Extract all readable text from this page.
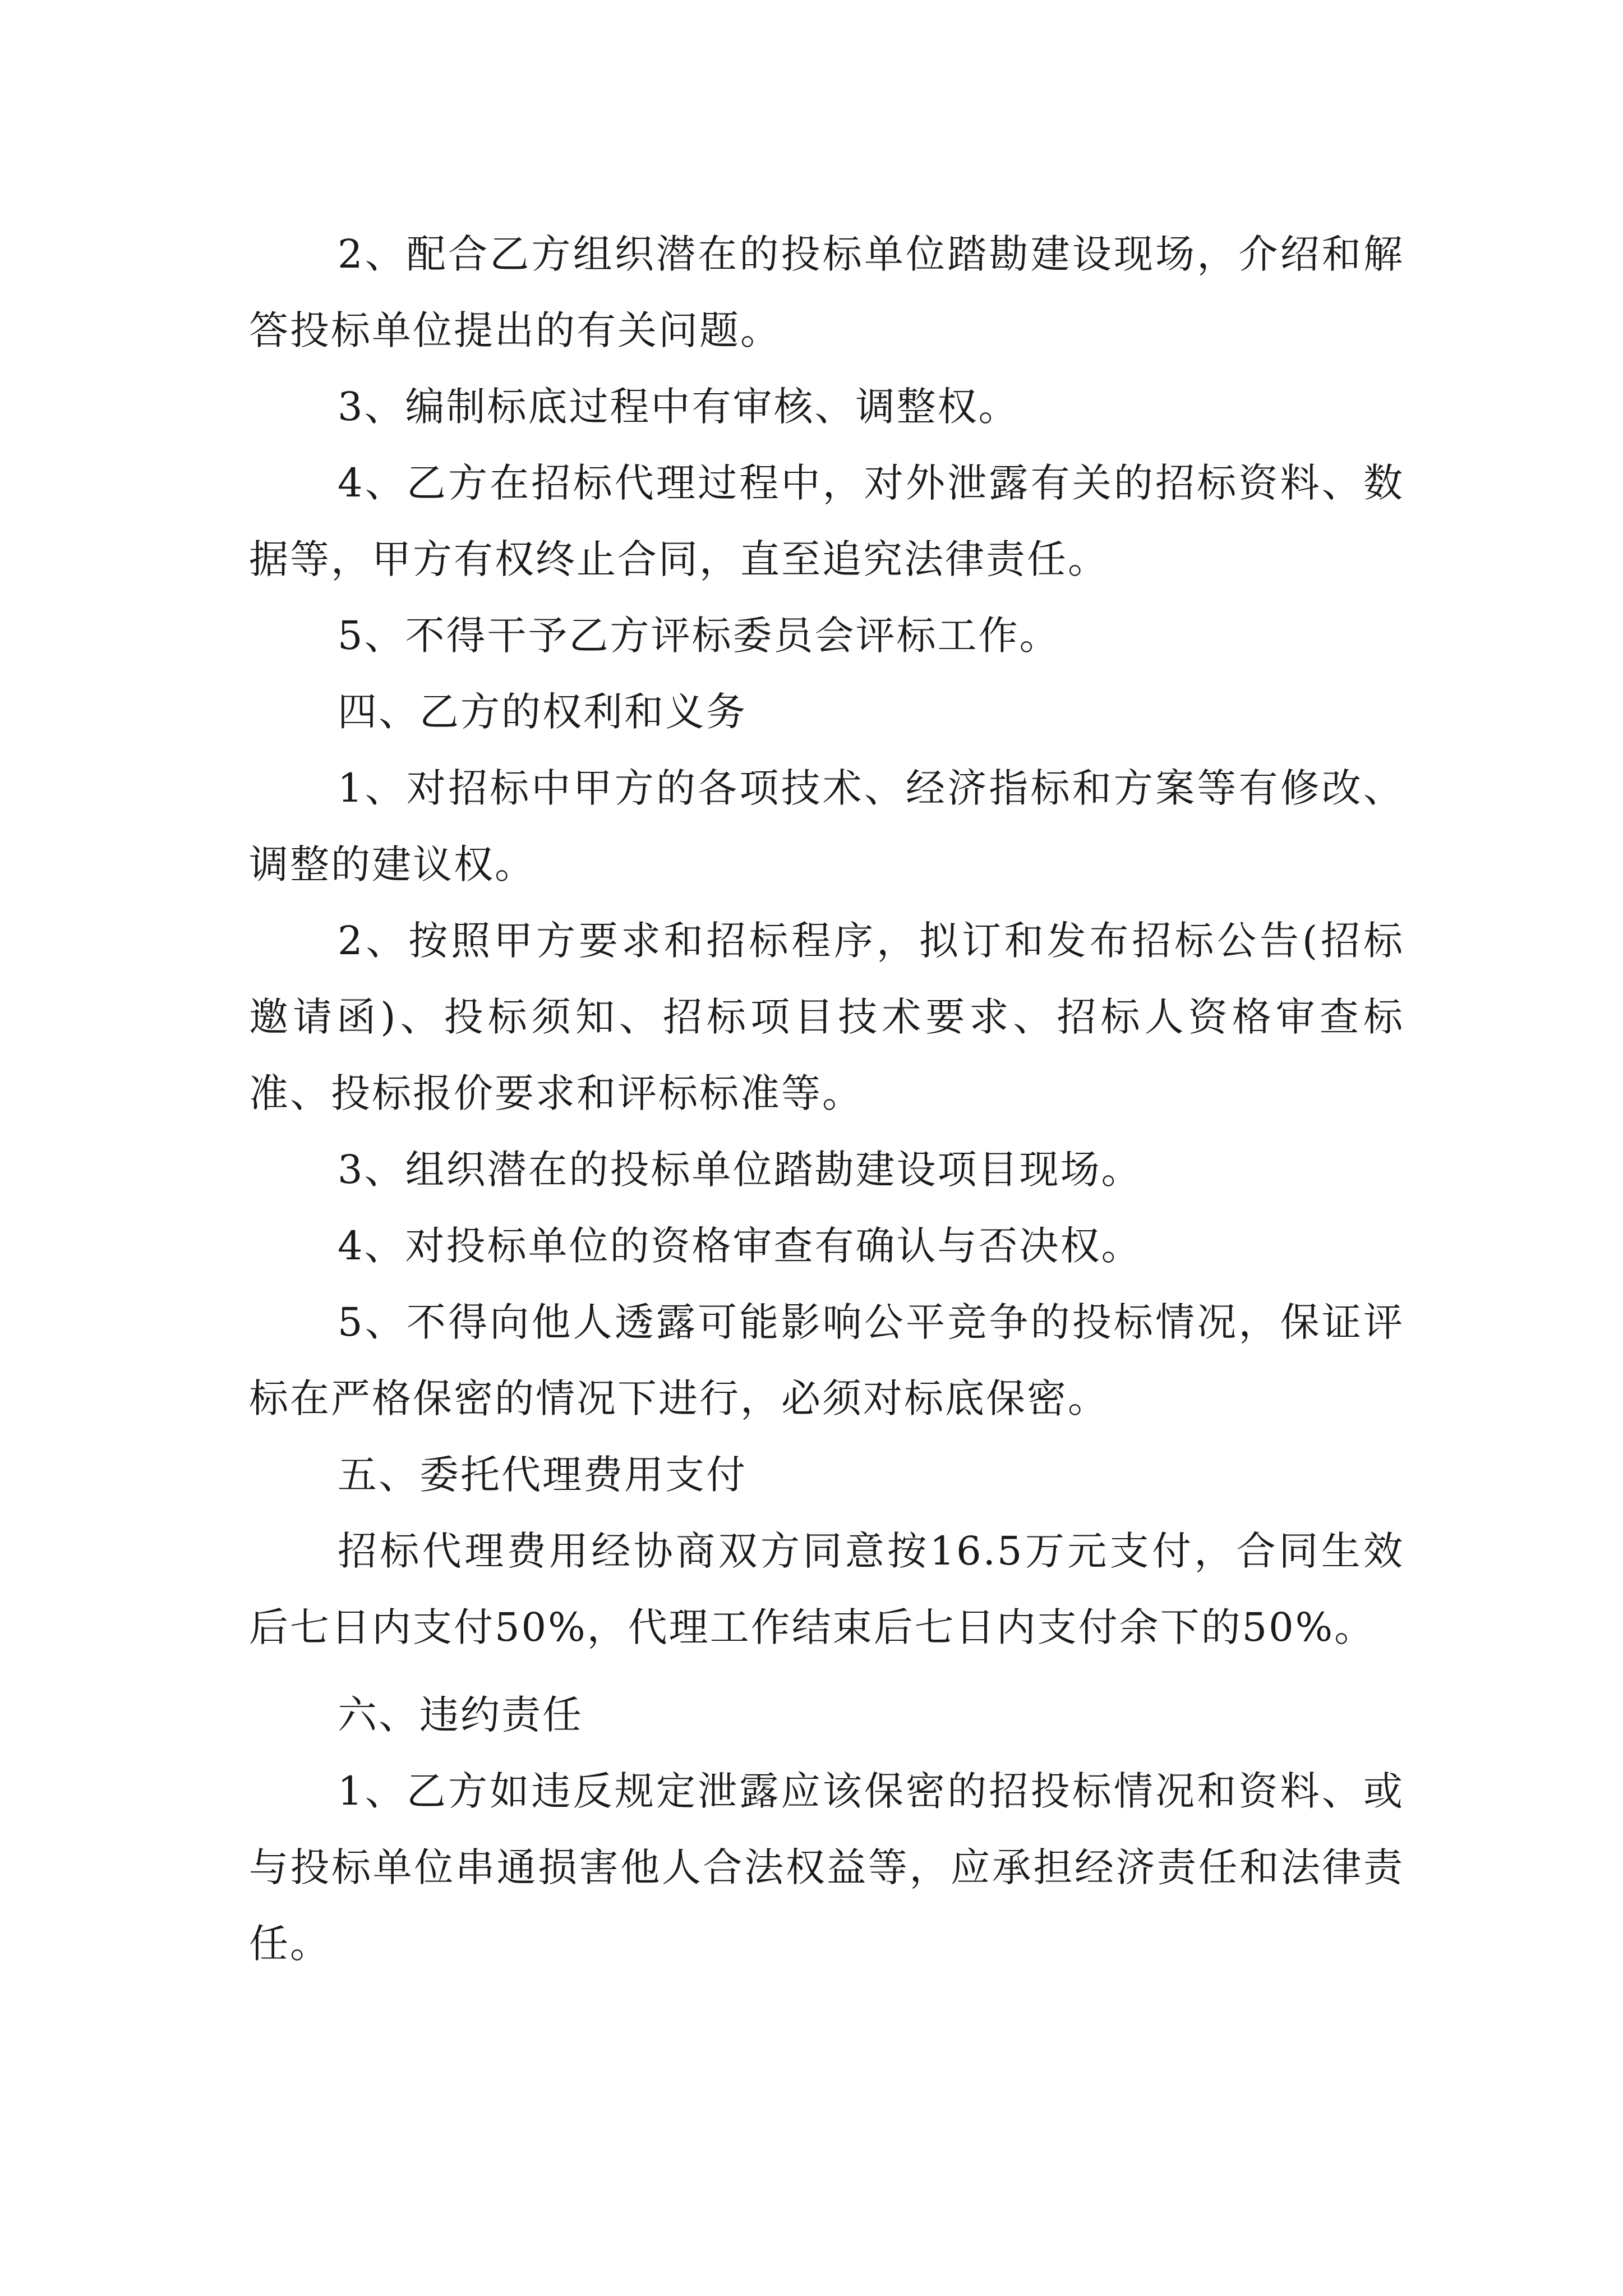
2、配合乙方组织潜在的投标单位踏勘建设现场，介绍和解答投标单位提出的有关问题。

3、编制标底过程中有审核、调整权。

4、乙方在招标代理过程中，对外泄露有关的招标资料、数据等，甲方有权终止合同，直至追究法律责任。

5、不得干予乙方评标委员会评标工作。

四、乙方的权利和义务

1、对招标中甲方的各项技术、经济指标和方案等有修改、调整的建议权。

2、按照甲方要求和招标程序，拟订和发布招标公告(招标邀请函)、投标须知、招标项目技术要求、招标人资格审查标准、投标报价要求和评标标准等。

3、组织潜在的投标单位踏勘建设项目现场。

4、对投标单位的资格审查有确认与否决权。

5、不得向他人透露可能影响公平竞争的投标情况，保证评标在严格保密的情况下进行，必须对标底保密。

五、委托代理费用支付

招标代理费用经协商双方同意按16.5万元支付，合同生效后七日内支付50%，代理工作结束后七日内支付余下的50%。

六、违约责任

1、乙方如违反规定泄露应该保密的招投标情况和资料、或与投标单位串通损害他人合法权益等，应承担经济责任和法律责任。
